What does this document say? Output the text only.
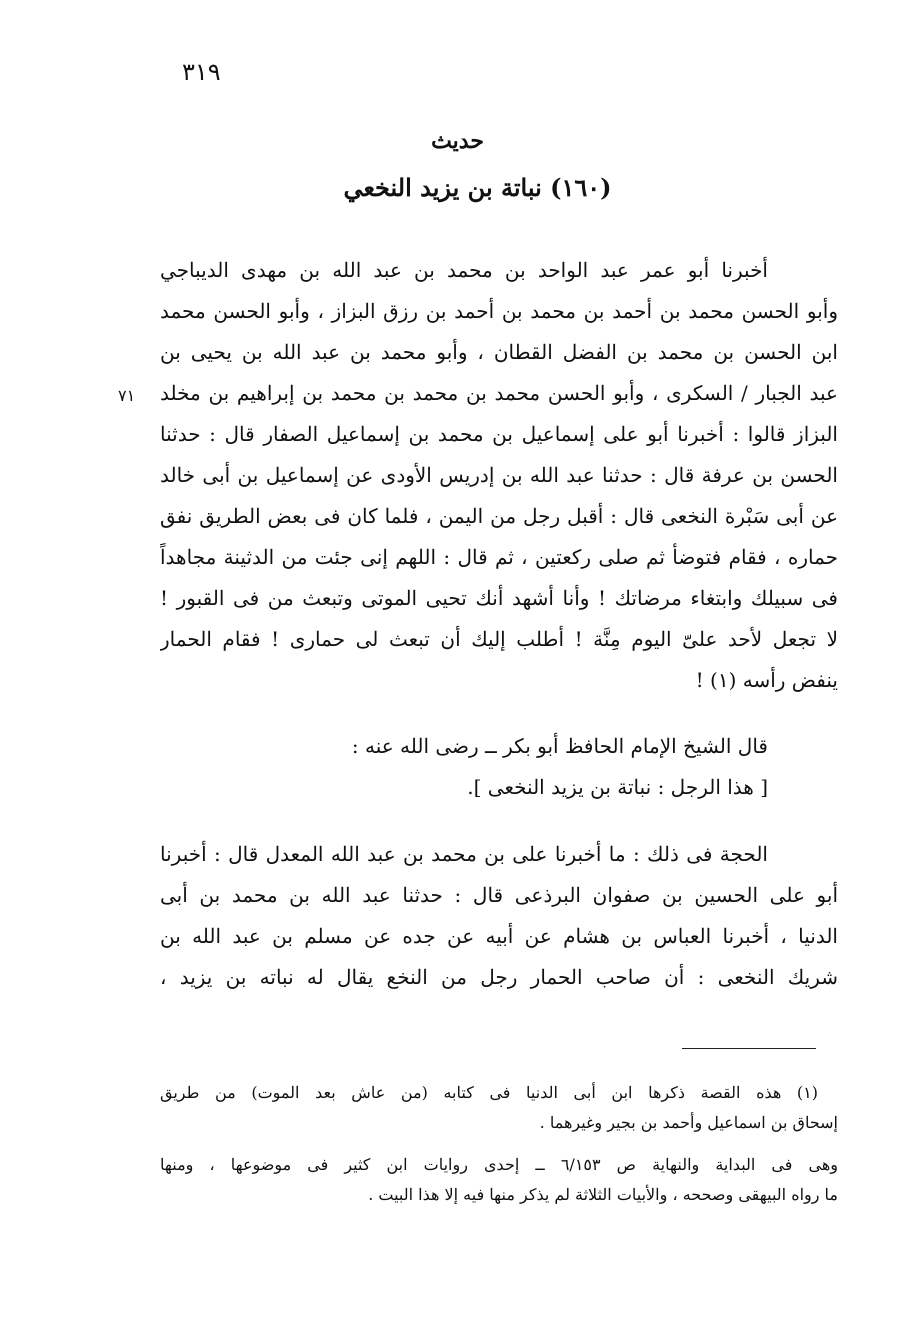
٣١٩
حديث
(١٦٠) نباتة بن يزيد النخعي
٧١
أخبرنا أبو عمر عبد الواحد بن محمد بن عبد الله بن مهدى الديباجي
وأبو الحسن محمد بن أحمد بن محمد بن أحمد بن رزق البزاز ، وأبو الحسن محمد
ابن الحسن بن محمد بن الفضل القطان ، وأبو محمد بن عبد الله بن يحيى بن
عبد الجبار / السكرى ، وأبو الحسن محمد بن محمد بن محمد بن إبراهيم بن مخلد
البزاز قالوا : أخبرنا أبو على إسماعيل بن محمد بن إسماعيل الصفار قال : حدثنا
الحسن بن عرفة قال : حدثنا عبد الله بن إدريس الأودى عن إسماعيل بن أبى خالد
عن أبى سَبْرة النخعى قال : أقبل رجل من اليمن ، فلما كان فى بعض الطريق نفق
حماره ، فقام فتوضأ ثم صلى ركعتين ، ثم قال : اللهم إنى جئت من الدثينة مجاهداً
فى سبيلك وابتغاء مرضاتك ! وأنا أشهد أنك تحيى الموتى وتبعث من فى القبور !
لا تجعل لأحد علىّ اليوم مِنَّة ! أطلب إليك أن تبعث لى حمارى ! فقام الحمار
ينفض رأسه (١) !
قال الشيخ الإمام الحافظ أبو بكر ــ رضى الله عنه :
[ هذا الرجل : نباتة بن يزيد النخعى ].
الحجة فى ذلك : ما أخبرنا على بن محمد بن عبد الله المعدل قال : أخبرنا
أبو على الحسين بن صفوان البرذعى قال : حدثنا عبد الله بن محمد بن أبى
الدنيا ، أخبرنا العباس بن هشام عن أبيه عن جده عن مسلم بن عبد الله بن
شريك النخعى : أن صاحب الحمار رجل من النخع يقال له نباته بن يزيد ،
(١) هذه القصة ذكرها ابن أبى الدنيا فى كتابه (من عاش بعد الموت) من طريق
إسحاق بن اسماعيل وأحمد بن بجير وغيرهما .
وهى فى البداية والنهاية ص ٦/١٥٣ ــ إحدى روايات ابن كثير فى موضوعها ، ومنها
ما رواه البيهقى وصححه ، والأبيات الثلاثة لم يذكر منها فيه إلا هذا البيت .
